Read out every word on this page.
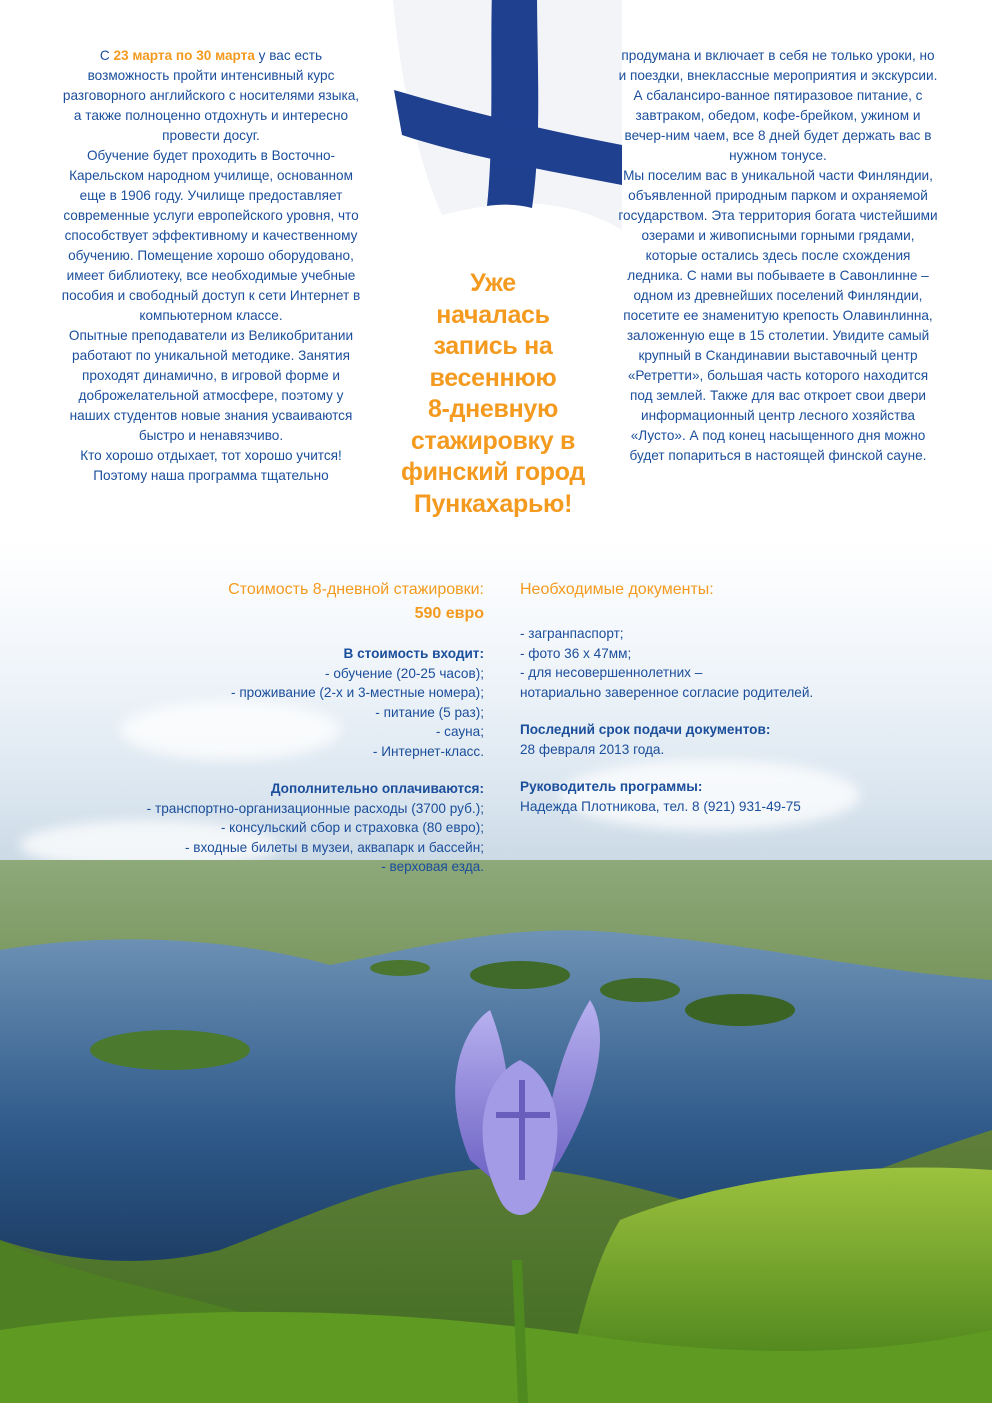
С 23 марта по 30 марта у вас есть возможность пройти интенсивный курс разговорного английского с носителями языка, а также полноценно отдохнуть и интересно провести досуг.

Обучение будет проходить в Восточно-Карельском народном училище, основанном еще в 1906 году. Училище предоставляет современные услуги европейского уровня, что способствует эффективному и качественному обучению. Помещение хорошо оборудовано, имеет библиотеку, все необходимые учебные пособия и свободный доступ к сети Интернет в компьютерном классе.

Опытные преподаватели из Великобритании работают по уникальной методике. Занятия проходят динамично, в игровой форме и доброжелательной атмосфере, поэтому у наших студентов новые знания усваиваются быстро и ненавязчиво.

Кто хорошо отдыхает, тот хорошо учится! Поэтому наша программа тщательно

Уже
началась
запись на
весеннюю
8-дневную
стажировку в
финский город
Пункахарью!

продумана и включает в себя не только уроки, но и поездки, внеклассные мероприятия и экскурсии. А сбалансиро-ванное пятиразовое питание, с завтраком, обедом, кофе-брейком, ужином и вечер-ним чаем, все 8 дней будет держать вас в нужном тонусе.

Мы поселим вас в уникальной части Финляндии, объявленной природным парком и охраняемой государством. Эта территория богата чистейшими озерами и живописными горными грядами, которые остались здесь после схождения ледника. С нами вы побываете в Савонлинне – одном из древнейших поселений Финляндии, посетите ее знаменитую крепость Олавинлинна, заложенную еще в 15 столетии. Увидите самый крупный в Скандинавии выставочный центр «Ретретти», большая часть которого находится под землей. Также для вас откроет свои двери информационный центр лесного хозяйства «Лусто». А под конец насыщенного дня можно будет попариться в настоящей финской сауне.

Стоимость 8-дневной стажировки:
590 евро
В стоимость входит:
- обучение (20-25 часов);
- проживание (2-х и 3-местные номера);
- питание (5 раз);
- сауна;
- Интернет-класс.
Дополнительно оплачиваются:
- транспортно-организационные расходы (3700 руб.);
- консульский сбор и страховка (80 евро);
- входные билеты в музеи, аквапарк и бассейн;
- верховая езда.
Необходимые документы:
- загранпаспорт;
- фото 36 х 47мм;
- для несовершеннолетних –
нотариально заверенное согласие родителей.
Последний срок подачи документов:
28 февраля 2013 года.
Руководитель программы:
Надежда Плотникова, тел. 8 (921) 931-49-75
